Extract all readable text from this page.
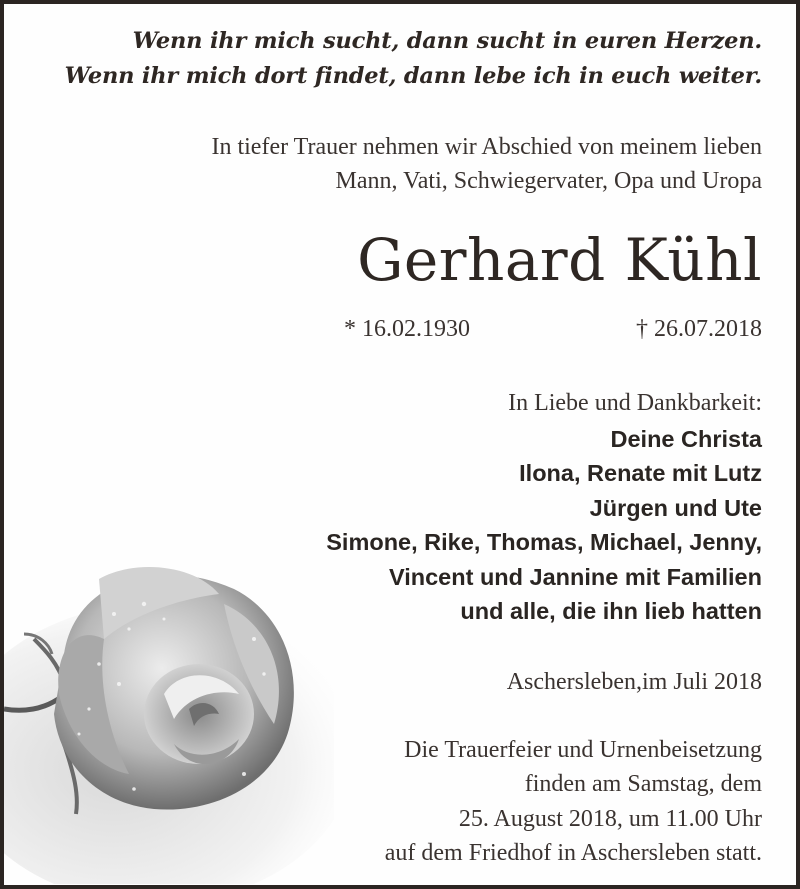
Wenn ihr mich sucht, dann sucht in euren Herzen.
Wenn ihr mich dort findet, dann lebe ich in euch weiter.
In tiefer Trauer nehmen wir Abschied von meinem lieben
Mann, Vati, Schwiegervater, Opa und Uropa
Gerhard Kühl
* 16.02.1930	† 26.07.2018
In Liebe und Dankbarkeit:
Deine Christa
Ilona, Renate mit Lutz
Jürgen und Ute
Simone, Rike, Thomas, Michael, Jenny,
Vincent und Jannine mit Familien
und alle, die ihn lieb hatten
Aschersleben,im Juli 2018
Die Trauerfeier und Urnenbeisetzung
finden am Samstag, dem
25. August 2018, um 11.00 Uhr
auf dem Friedhof in Aschersleben statt.
